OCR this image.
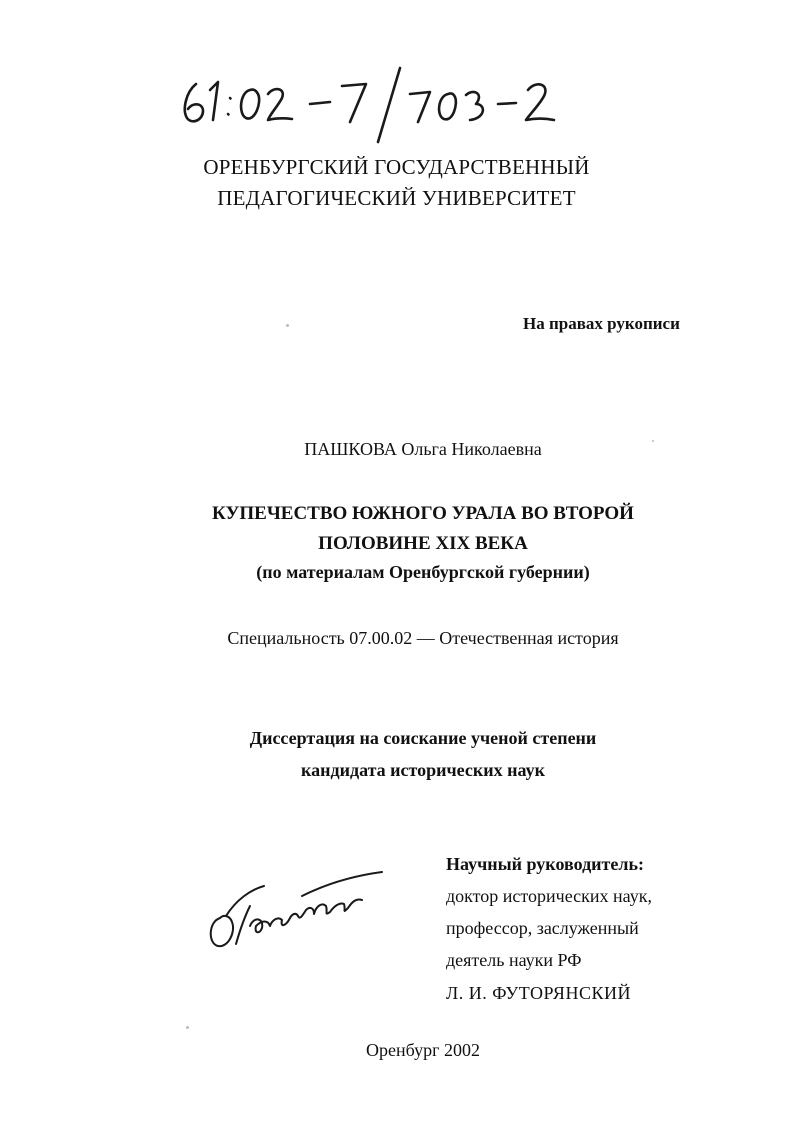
ОРЕНБУРГСКИЙ ГОСУДАРСТВЕННЫЙ
ПЕДАГОГИЧЕСКИЙ УНИВЕРСИТЕТ
На правах рукописи
ПАШКОВА Ольга Николаевна
КУПЕЧЕСТВО ЮЖНОГО УРАЛА ВО ВТОРОЙ
ПОЛОВИНЕ XIX ВЕКА
(по материалам Оренбургской губернии)
Специальность 07.00.02 — Отечественная история
Диссертация на соискание ученой степени
кандидата исторических наук
Научный руководитель:
доктор исторических наук,
профессор, заслуженный
деятель науки РФ
Л. И. ФУТОРЯНСКИЙ
Оренбург 2002
